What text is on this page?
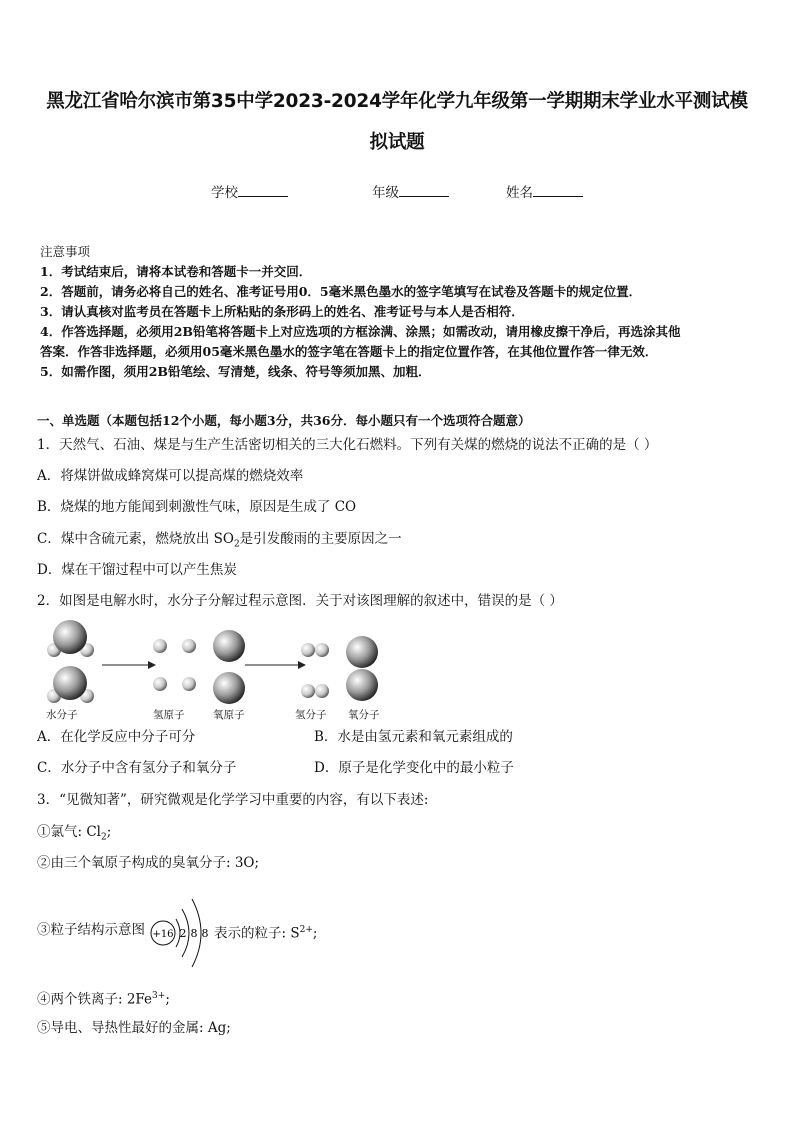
黑龙江省哈尔滨市第35中学2023-2024学年化学九年级第一学期期末学业水平测试模
拟试题
学校	年级	姓名
注意事项
1．考试结束后，请将本试卷和答题卡一并交回．
2．答题前，请务必将自己的姓名、准考证号用0．5毫米黑色墨水的签字笔填写在试卷及答题卡的规定位置．
3．请认真核对监考员在答题卡上所粘贴的条形码上的姓名、准考证号与本人是否相符．
4．作答选择题，必须用2B铅笔将答题卡上对应选项的方框涂满、涂黑；如需改动，请用橡皮擦干净后，再选涂其他
答案．作答非选择题，必须用05毫米黑色墨水的签字笔在答题卡上的指定位置作答，在其他位置作答一律无效．
5．如需作图，须用2B铅笔绘、写清楚，线条、符号等须加黑、加粗．
一、单选题（本题包括12个小题，每小题3分，共36分．每小题只有一个选项符合题意）
1．天然气、石油、煤是与生产生活密切相关的三大化石燃料。下列有关煤的燃烧的说法不正确的是（ ）
A．将煤饼做成蜂窝煤可以提高煤的燃烧效率
B．烧煤的地方能闻到刺激性气味，原因是生成了 CO
C．煤中含硫元素，燃烧放出 $SO_2$是引发酸雨的主要原因之一
D．煤在干馏过程中可以产生焦炭
2．如图是电解水时，水分子分解过程示意图．关于对该图理解的叙述中，错误的是（ ）
水分子	氢原子	氧原子	氢分子 氧分子
A．在化学反应中分子可分	B．水是由氢元素和氧元素组成的
C．水分子中含有氢分子和氧分子	D．原子是化学变化中的最小粒子
3．“见微知著”，研究微观是化学学习中重要的内容，有以下表述:
①氯气: $Cl_2$;
②由三个氧原子构成的臭氧分子: 3O;
③粒子结构示意图 +16 2 8 8 表示的粒子: $S^{2+}$;
④两个铁离子: $2Fe^{3+}$;
⑤导电、导热性最好的金属: Ag;
